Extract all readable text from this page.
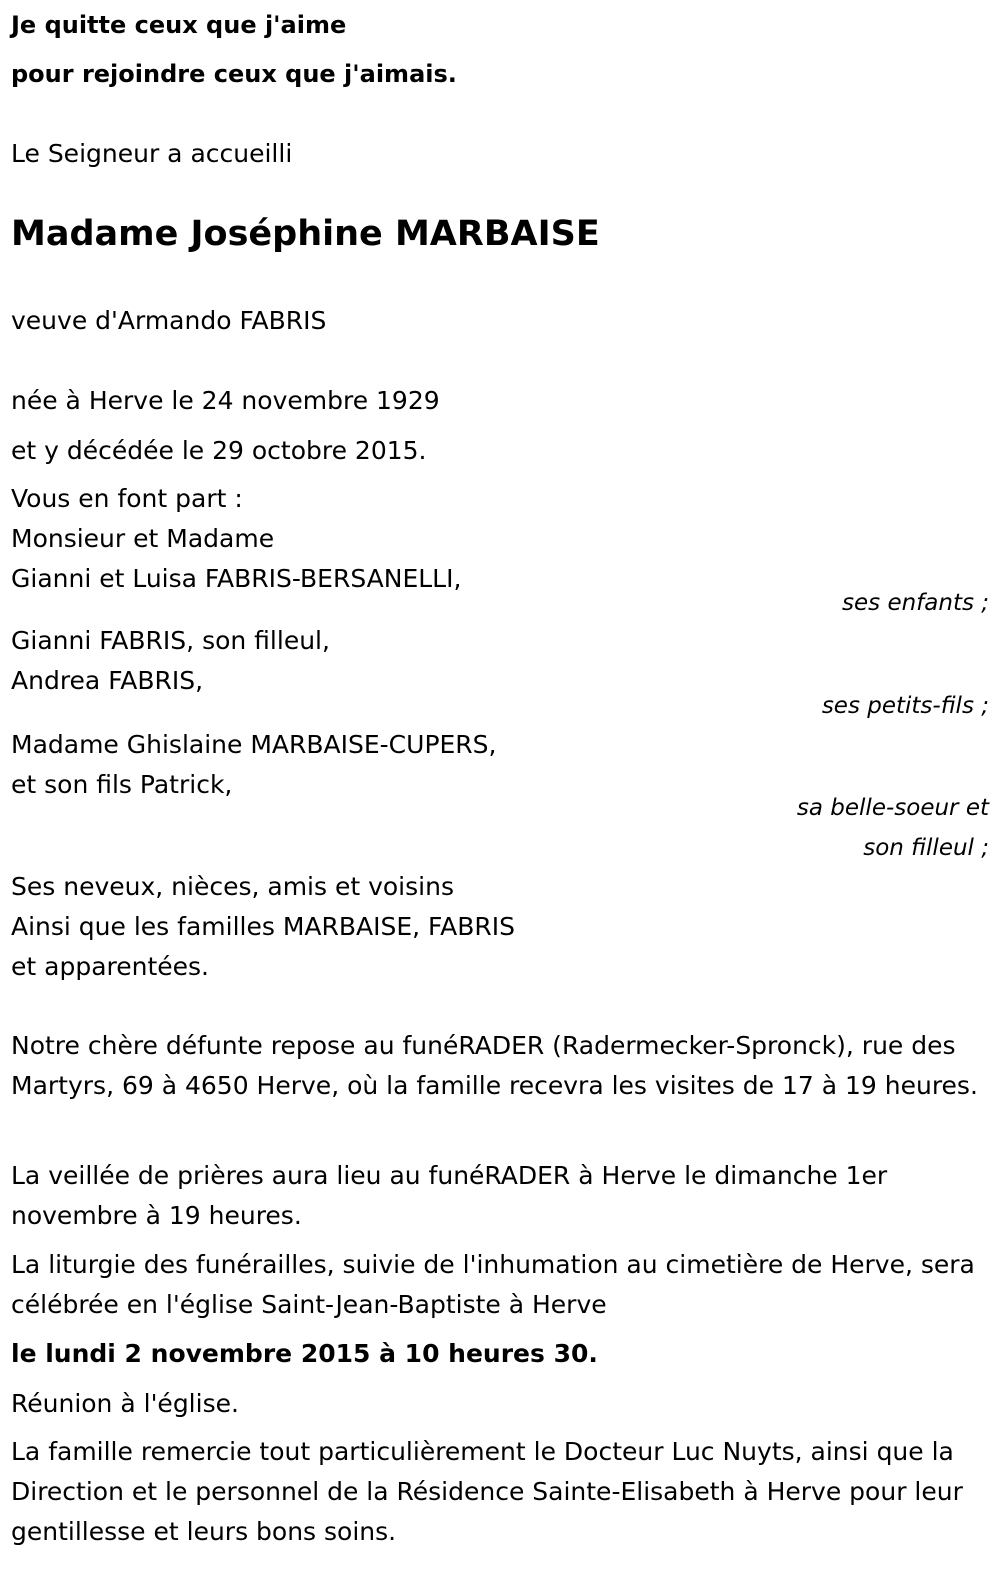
Je quitte ceux que j'aime

pour rejoindre ceux que j'aimais.

Le Seigneur a accueilli

Madame Joséphine MARBAISE

veuve d'Armando FABRIS

née à Herve le 24 novembre 1929

et y décédée le 29 octobre 2015.

Vous en font part :

Monsieur et Madame

Gianni et Luisa FABRIS-BERSANELLI,

ses enfants ;

Gianni FABRIS, son filleul,

Andrea FABRIS,

ses petits-fils ;

Madame Ghislaine MARBAISE-CUPERS,

et son fils Patrick,

sa belle-soeur et

son filleul ;

Ses neveux, nièces, amis et voisins

Ainsi que les familles MARBAISE, FABRIS

et apparentées.

Notre chère défunte repose au funéRADER (Radermecker-Spronck), rue des Martyrs, 69 à 4650 Herve, où la famille recevra les visites de 17 à 19 heures.

La veillée de prières aura lieu au funéRADER à Herve le dimanche 1er novembre à 19 heures.

La liturgie des funérailles, suivie de l'inhumation au cimetière de Herve, sera célébrée en l'église Saint-Jean-Baptiste à Herve

le lundi 2 novembre 2015 à 10 heures 30.

Réunion à l'église.

La famille remercie tout particulièrement le Docteur Luc Nuyts, ainsi que la Direction et le personnel de la Résidence Sainte-Elisabeth à Herve pour leur gentillesse et leurs bons soins.
